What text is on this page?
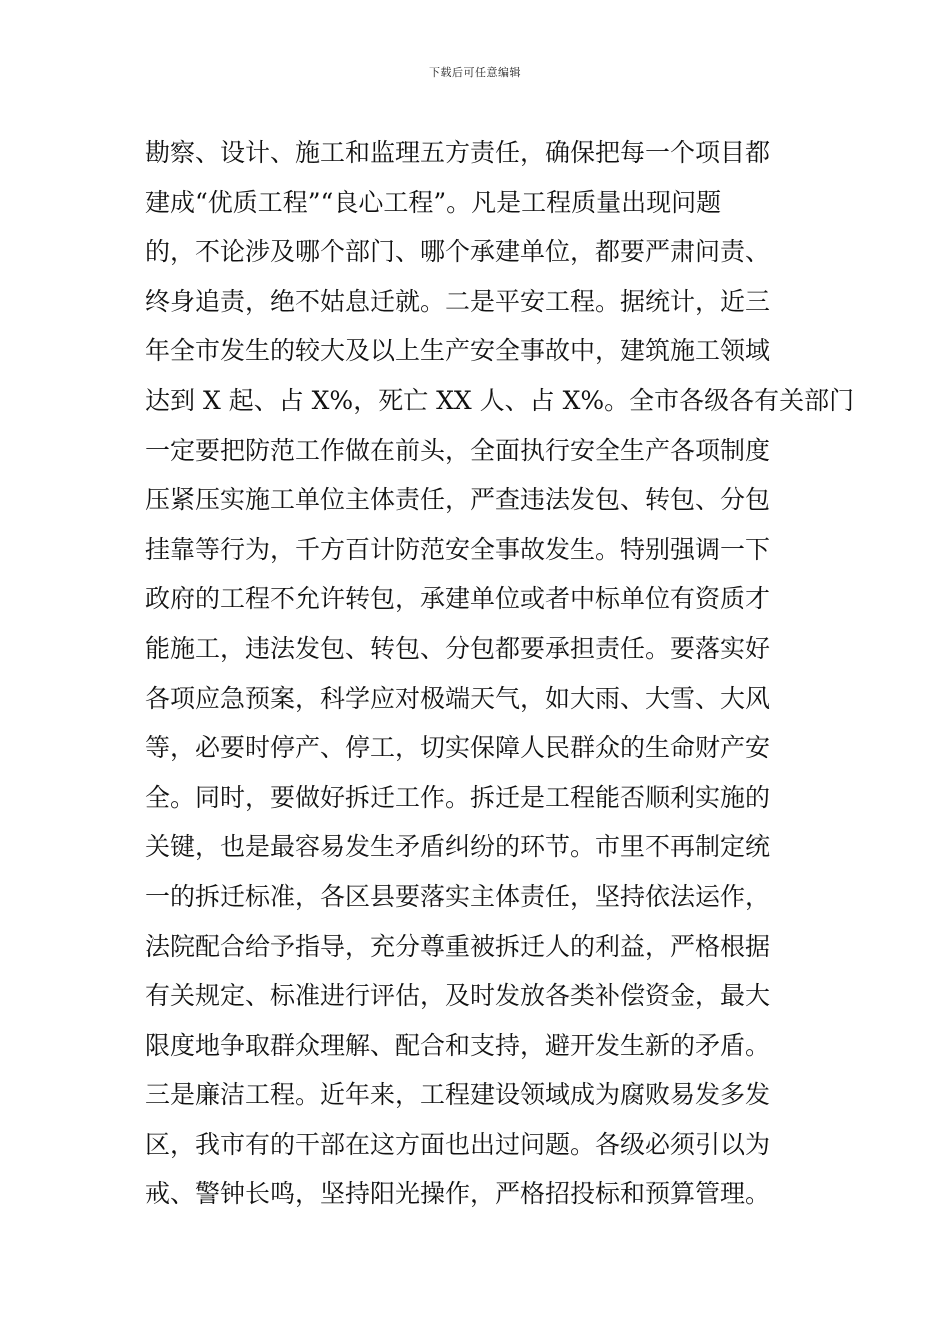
下载后可任意编辑
勘察、设计、施工和监理五方责任，确保把每一个项目都
建成“优质工程”“良心工程”。凡是工程质量出现问题
的，不论涉及哪个部门、哪个承建单位，都要严肃问责、
终身追责，绝不姑息迁就。二是平安工程。据统计，近三
年全市发生的较大及以上生产安全事故中，建筑施工领域
达到 X 起、占 X%，死亡 XX 人、占 X%。全市各级各有关部门
一定要把防范工作做在前头，全面执行安全生产各项制度
压紧压实施工单位主体责任，严查违法发包、转包、分包
挂靠等行为，千方百计防范安全事故发生。特别强调一下
政府的工程不允许转包，承建单位或者中标单位有资质才
能施工，违法发包、转包、分包都要承担责任。要落实好
各项应急预案，科学应对极端天气，如大雨、大雪、大风
等，必要时停产、停工，切实保障人民群众的生命财产安
全。同时，要做好拆迁工作。拆迁是工程能否顺利实施的
关键，也是最容易发生矛盾纠纷的环节。市里不再制定统
一的拆迁标准，各区县要落实主体责任，坚持依法运作，
法院配合给予指导，充分尊重被拆迁人的利益，严格根据
有关规定、标准进行评估，及时发放各类补偿资金，最大
限度地争取群众理解、配合和支持，避开发生新的矛盾。
三是廉洁工程。近年来，工程建设领域成为腐败易发多发
区，我市有的干部在这方面也出过问题。各级必须引以为
戒、警钟长鸣，坚持阳光操作，严格招投标和预算管理。
